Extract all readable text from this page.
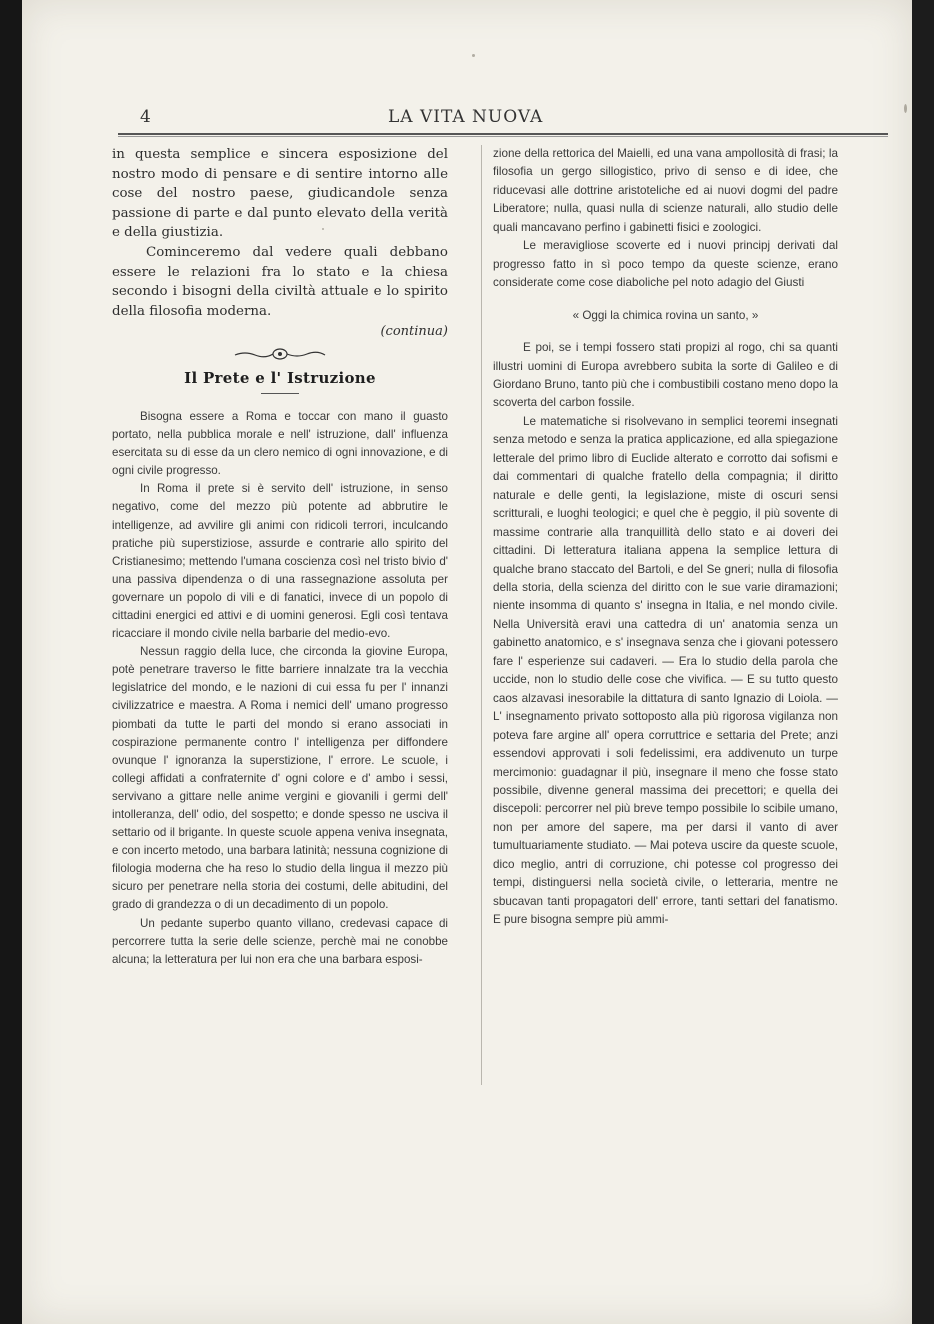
4	LA VITA NUOVA

in questa semplice e sincera esposizione del nostro modo di pensare e di sentire intorno alle cose del nostro paese, giudicandole senza passione di parte e dal punto elevato della verità e della giustizia.

Cominceremo dal vedere quali debbano essere le relazioni fra lo stato e la chiesa secondo i bisogni della civiltà attuale e lo spirito della filosofia moderna.

(continua)

Il Prete e l' Istruzione

Bisogna essere a Roma e toccar con mano il guasto portato, nella pubblica morale e nell' istruzione, dall' influenza esercitata su di esse da un clero nemico di ogni innovazione, e di ogni civile progresso.

In Roma il prete si è servito dell' istruzione, in senso negativo, come del mezzo più potente ad abbrutire le intelligenze, ad avvilire gli animi con ridicoli terrori, inculcando pratiche più superstiziose, assurde e contrarie allo spirito del Cristianesimo; mettendo l'umana coscienza così nel tristo bivio d' una passiva dipendenza o di una rassegnazione assoluta per governare un popolo di vili e di fanatici, invece di un popolo di cittadini energici ed attivi e di uomini generosi. Egli così tentava ricacciare il mondo civile nella barbarie del medio-evo.

Nessun raggio della luce, che circonda la giovine Europa, potè penetrare traverso le fitte barriere innalzate tra la vecchia legislatrice del mondo, e le nazioni di cui essa fu per l' innanzi civilizzatrice e maestra. A Roma i nemici dell' umano progresso piombati da tutte le parti del mondo si erano associati in cospirazione permanente contro l' intelligenza per diffondere ovunque l' ignoranza la superstizione, l' errore. Le scuole, i collegi affidati a confraternite d' ogni colore e d' ambo i sessi, servivano a gittare nelle anime vergini e giovanili i germi dell' intolleranza, dell' odio, del sospetto; e donde spesso ne usciva il settario od il brigante. In queste scuole appena veniva insegnata, e con incerto metodo, una barbara latinità; nessuna cognizione di filologia moderna che ha reso lo studio della lingua il mezzo più sicuro per penetrare nella storia dei costumi, delle abitudini, del grado di grandezza o di un decadimento di un popolo.

Un pedante superbo quanto villano, credevasi capace di percorrere tutta la serie delle scienze, perchè mai ne conobbe alcuna; la letteratura per lui non era che una barbara esposi-

zione della rettorica del Maielli, ed una vana ampollosità di frasi; la filosofia un gergo sillogistico, privo di senso e di idee, che riducevasi alle dottrine aristoteliche ed ai nuovi dogmi del padre Liberatore; nulla, quasi nulla di scienze naturali, allo studio delle quali mancavano perfino i gabinetti fisici e zoologici.

Le meravigliose scoverte ed i nuovi principj derivati dal progresso fatto in sì poco tempo da queste scienze, erano considerate come cose diaboliche pel noto adagio del Giusti

« Oggi la chimica rovina un santo, »

E poi, se i tempi fossero stati propizi al rogo, chi sa quanti illustri uomini di Europa avrebbero subita la sorte di Galileo e di Giordano Bruno, tanto più che i combustibili costano meno dopo la scoverta del carbon fossile.

Le matematiche si risolvevano in semplici teoremi insegnati senza metodo e senza la pratica applicazione, ed alla spiegazione letterale del primo libro di Euclide alterato e corrotto dai sofismi e dai commentari di qualche fratello della compagnia; il diritto naturale e delle genti, la legislazione, miste di oscuri sensi scritturali, e luoghi teologici; e quel che è peggio, il più sovente di massime contrarie alla tranquillità dello stato e ai doveri dei cittadini. Di letteratura italiana appena la semplice lettura di qualche brano staccato del Bartoli, e del Se gneri; nulla di filosofia della storia, della scienza del diritto con le sue varie diramazioni; niente insomma di quanto s' insegna in Italia, e nel mondo civile. Nella Università eravi una cattedra di un' anatomia senza un gabinetto anatomico, e s' insegnava senza che i giovani potessero fare l' esperienze sui cadaveri. — Era lo studio della parola che uccide, non lo studio delle cose che vivifica. — E su tutto questo caos alzavasi inesorabile la dittatura di santo Ignazio di Loiola. — L' insegnamento privato sottoposto alla più rigorosa vigilanza non poteva fare argine all' opera corruttrice e settaria del Prete; anzi essendovi approvati i soli fedelissimi, era addivenuto un turpe mercimonio: guadagnar il più, insegnare il meno che fosse stato possibile, divenne general massima dei precettori; e quella dei discepoli: percorrer nel più breve tempo possibile lo scibile umano, non per amore del sapere, ma per darsi il vanto di aver tumultuariamente studiato. — Mai poteva uscire da queste scuole, dico meglio, antri di corruzione, chi potesse col progresso dei tempi, distinguersi nella società civile, o letteraria, mentre ne sbucavan tanti propagatori dell' errore, tanti settari del fanatismo. E pure bisogna sempre più ammi-
